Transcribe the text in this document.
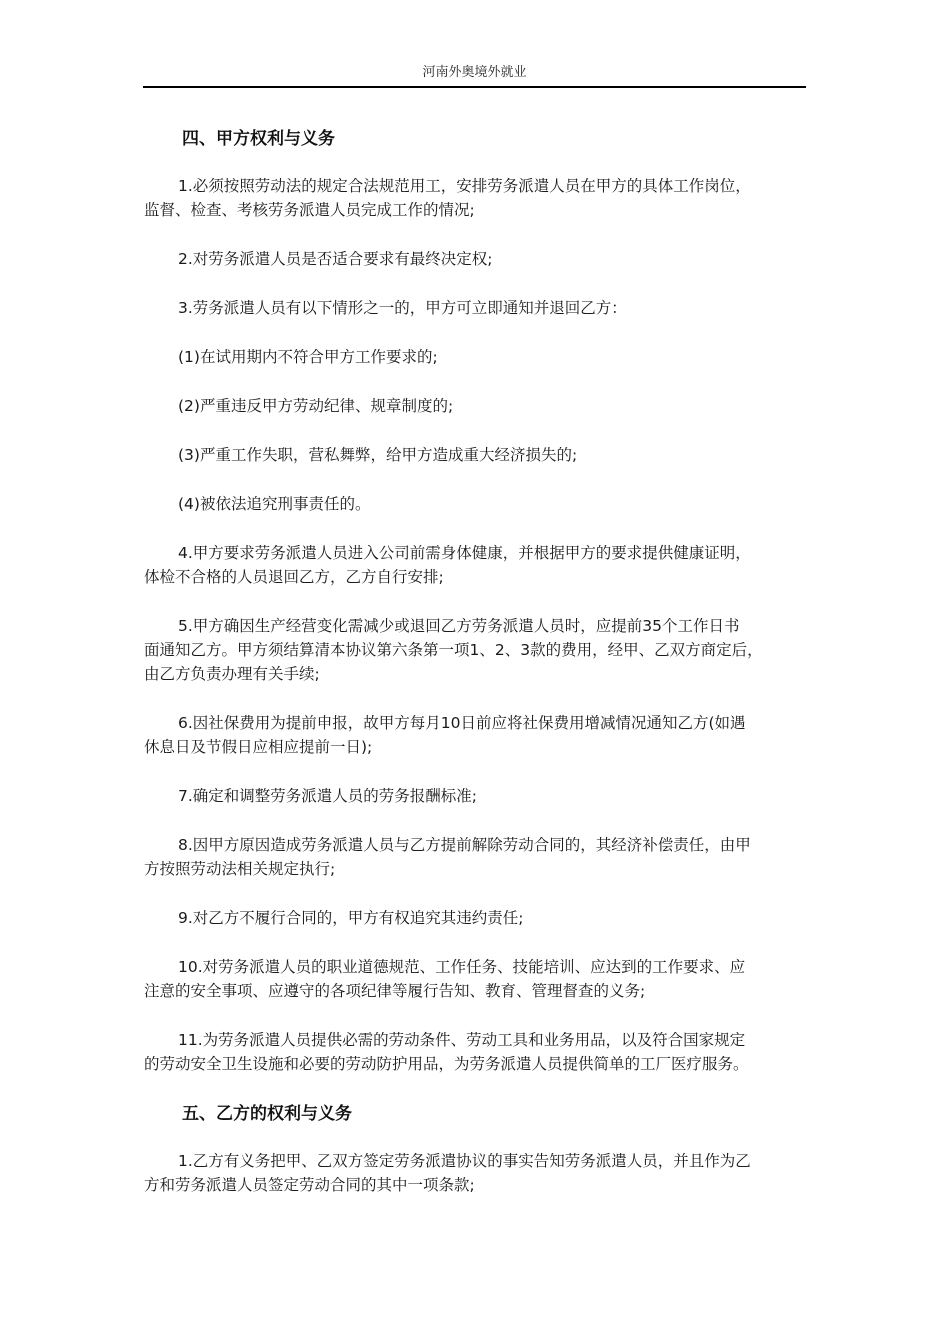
河南外奥境外就业
四、甲方权利与义务

1.必须按照劳动法的规定合法规范用工，安排劳务派遣人员在甲方的具体工作岗位，
监督、检查、考核劳务派遣人员完成工作的情况;

2.对劳务派遣人员是否适合要求有最终决定权;

3.劳务派遣人员有以下情形之一的，甲方可立即通知并退回乙方：

(1)在试用期内不符合甲方工作要求的;

(2)严重违反甲方劳动纪律、规章制度的;

(3)严重工作失职，营私舞弊，给甲方造成重大经济损失的;

(4)被依法追究刑事责任的。

4.甲方要求劳务派遣人员进入公司前需身体健康，并根据甲方的要求提供健康证明，
体检不合格的人员退回乙方，乙方自行安排;

5.甲方确因生产经营变化需减少或退回乙方劳务派遣人员时，应提前35个工作日书
面通知乙方。甲方须结算清本协议第六条第一项1、2、3款的费用，经甲、乙双方商定后，
由乙方负责办理有关手续;

6.因社保费用为提前申报，故甲方每月10日前应将社保费用增减情况通知乙方(如遇
休息日及节假日应相应提前一日);

7.确定和调整劳务派遣人员的劳务报酬标准;

8.因甲方原因造成劳务派遣人员与乙方提前解除劳动合同的，其经济补偿责任，由甲
方按照劳动法相关规定执行;

9.对乙方不履行合同的，甲方有权追究其违约责任;

10.对劳务派遣人员的职业道德规范、工作任务、技能培训、应达到的工作要求、应
注意的安全事项、应遵守的各项纪律等履行告知、教育、管理督查的义务;

11.为劳务派遣人员提供必需的劳动条件、劳动工具和业务用品，以及符合国家规定
的劳动安全卫生设施和必要的劳动防护用品，为劳务派遣人员提供简单的工厂医疗服务。

五、乙方的权利与义务

1.乙方有义务把甲、乙双方签定劳务派遣协议的事实告知劳务派遣人员，并且作为乙
方和劳务派遣人员签定劳动合同的其中一项条款;
